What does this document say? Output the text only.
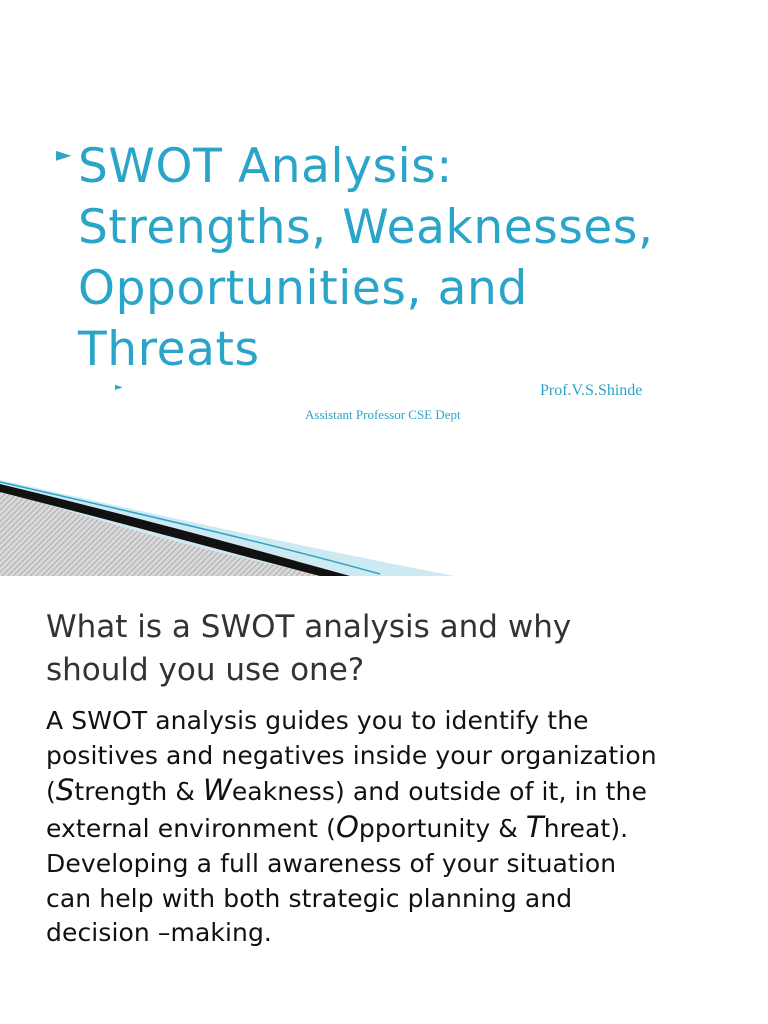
► SWOT Analysis:
Strengths, Weaknesses,
Opportunities, and
Threats
►	Prof.V.S.Shinde
Assistant Professor CSE Dept
What is a SWOT analysis and why
should you use one?

A SWOT analysis guides you to identify the
positives and negatives inside your organization
(Strength & Weakness) and outside of it, in the
external environment (Opportunity & Threat).
Developing a full awareness of your situation
can help with both strategic planning and
decision –making.
